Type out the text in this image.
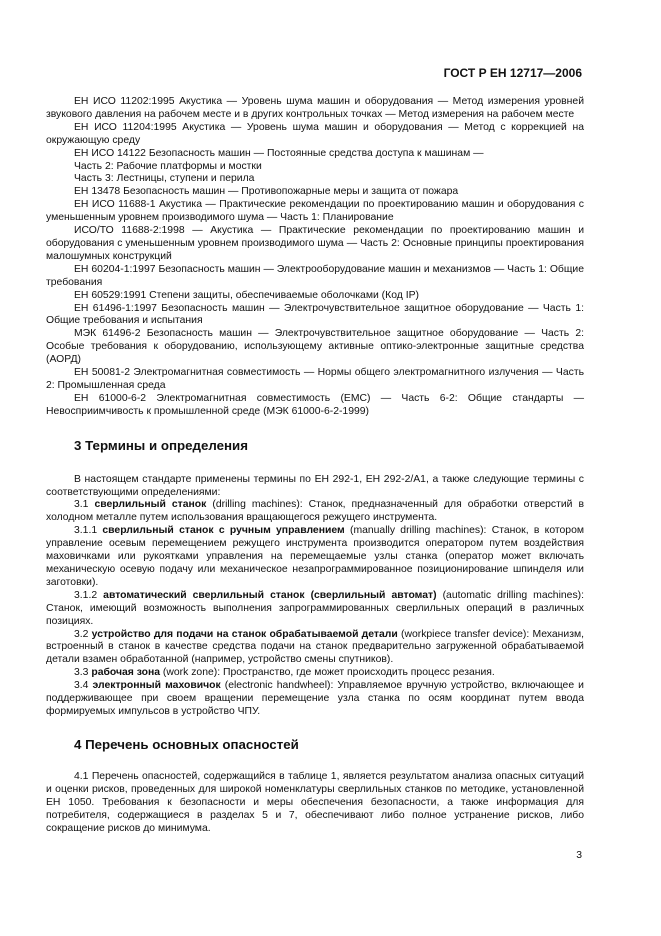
ГОСТ Р ЕН 12717—2006

ЕН ИСО 11202:1995 Акустика — Уровень шума машин и оборудования — Метод измерения уровней звукового давления на рабочем месте и в других контрольных точках — Метод измерения на рабочем месте

ЕН ИСО 11204:1995 Акустика — Уровень шума машин и оборудования — Метод с коррекцией на окружающую среду

ЕН ИСО 14122 Безопасность машин — Постоянные средства доступа к машинам —

Часть 2: Рабочие платформы и мостки

Часть 3: Лестницы, ступени и перила

ЕН 13478 Безопасность машин — Противопожарные меры и защита от пожара

ЕН ИСО 11688-1 Акустика — Практические рекомендации по проектированию машин и оборудования с уменьшенным уровнем производимого шума — Часть 1: Планирование

ИСО/ТО 11688-2:1998 — Акустика — Практические рекомендации по проектированию машин и оборудования с уменьшенным уровнем производимого шума — Часть 2: Основные принципы проектирования малошумных конструкций

ЕН 60204-1:1997 Безопасность машин — Электрооборудование машин и механизмов — Часть 1: Общие требования

ЕН 60529:1991 Степени защиты, обеспечиваемые оболочками (Код IP)

ЕН 61496-1:1997 Безопасность машин — Электрочувствительное защитное оборудование — Часть 1: Общие требования и испытания

МЭК 61496-2 Безопасность машин — Электрочувствительное защитное оборудование — Часть 2: Особые требования к оборудованию, использующему активные оптико-электронные защитные средства (АОРД)

ЕН 50081-2 Электромагнитная совместимость — Нормы общего электромагнитного излучения — Часть 2: Промышленная среда

ЕН 61000-6-2 Электромагнитная совместимость (EMC) — Часть 6-2: Общие стандарты — Невосприимчивость к промышленной среде (МЭК 61000-6-2-1999)

3 Термины и определения

В настоящем стандарте применены термины по ЕН 292-1, ЕН 292-2/А1, а также следующие термины с соответствующими определениями:

3.1 сверлильный станок (drilling machines): Станок, предназначенный для обработки отверстий в холодном металле путем использования вращающегося режущего инструмента.

3.1.1 сверлильный станок с ручным управлением (manually drilling machines): Станок, в котором управление осевым перемещением режущего инструмента производится оператором путем воздействия маховичками или рукоятками управления на перемещаемые узлы станка (оператор может включать механическую осевую подачу или механическое незапрограммированное позиционирование шпинделя или заготовки).

3.1.2 автоматический сверлильный станок (сверлильный автомат) (automatic drilling machines): Станок, имеющий возможность выполнения запрограммированных сверлильных операций в различных позициях.

3.2 устройство для подачи на станок обрабатываемой детали (workpiece transfer device): Механизм, встроенный в станок в качестве средства подачи на станок предварительно загруженной обрабатываемой детали взамен обработанной (например, устройство смены спутников).

3.3 рабочая зона (work zone): Пространство, где может происходить процесс резания.

3.4 электронный маховичок (electronic handwheel): Управляемое вручную устройство, включающее и поддерживающее при своем вращении перемещение узла станка по осям координат путем ввода формируемых импульсов в устройство ЧПУ.

4 Перечень основных опасностей

4.1 Перечень опасностей, содержащийся в таблице 1, является результатом анализа опасных ситуаций и оценки рисков, проведенных для широкой номенклатуры сверлильных станков по методике, установленной ЕН 1050. Требования к безопасности и меры обеспечения безопасности, а также информация для потребителя, содержащиеся в разделах 5 и 7, обеспечивают либо полное устранение рисков, либо сокращение рисков до минимума.

3
